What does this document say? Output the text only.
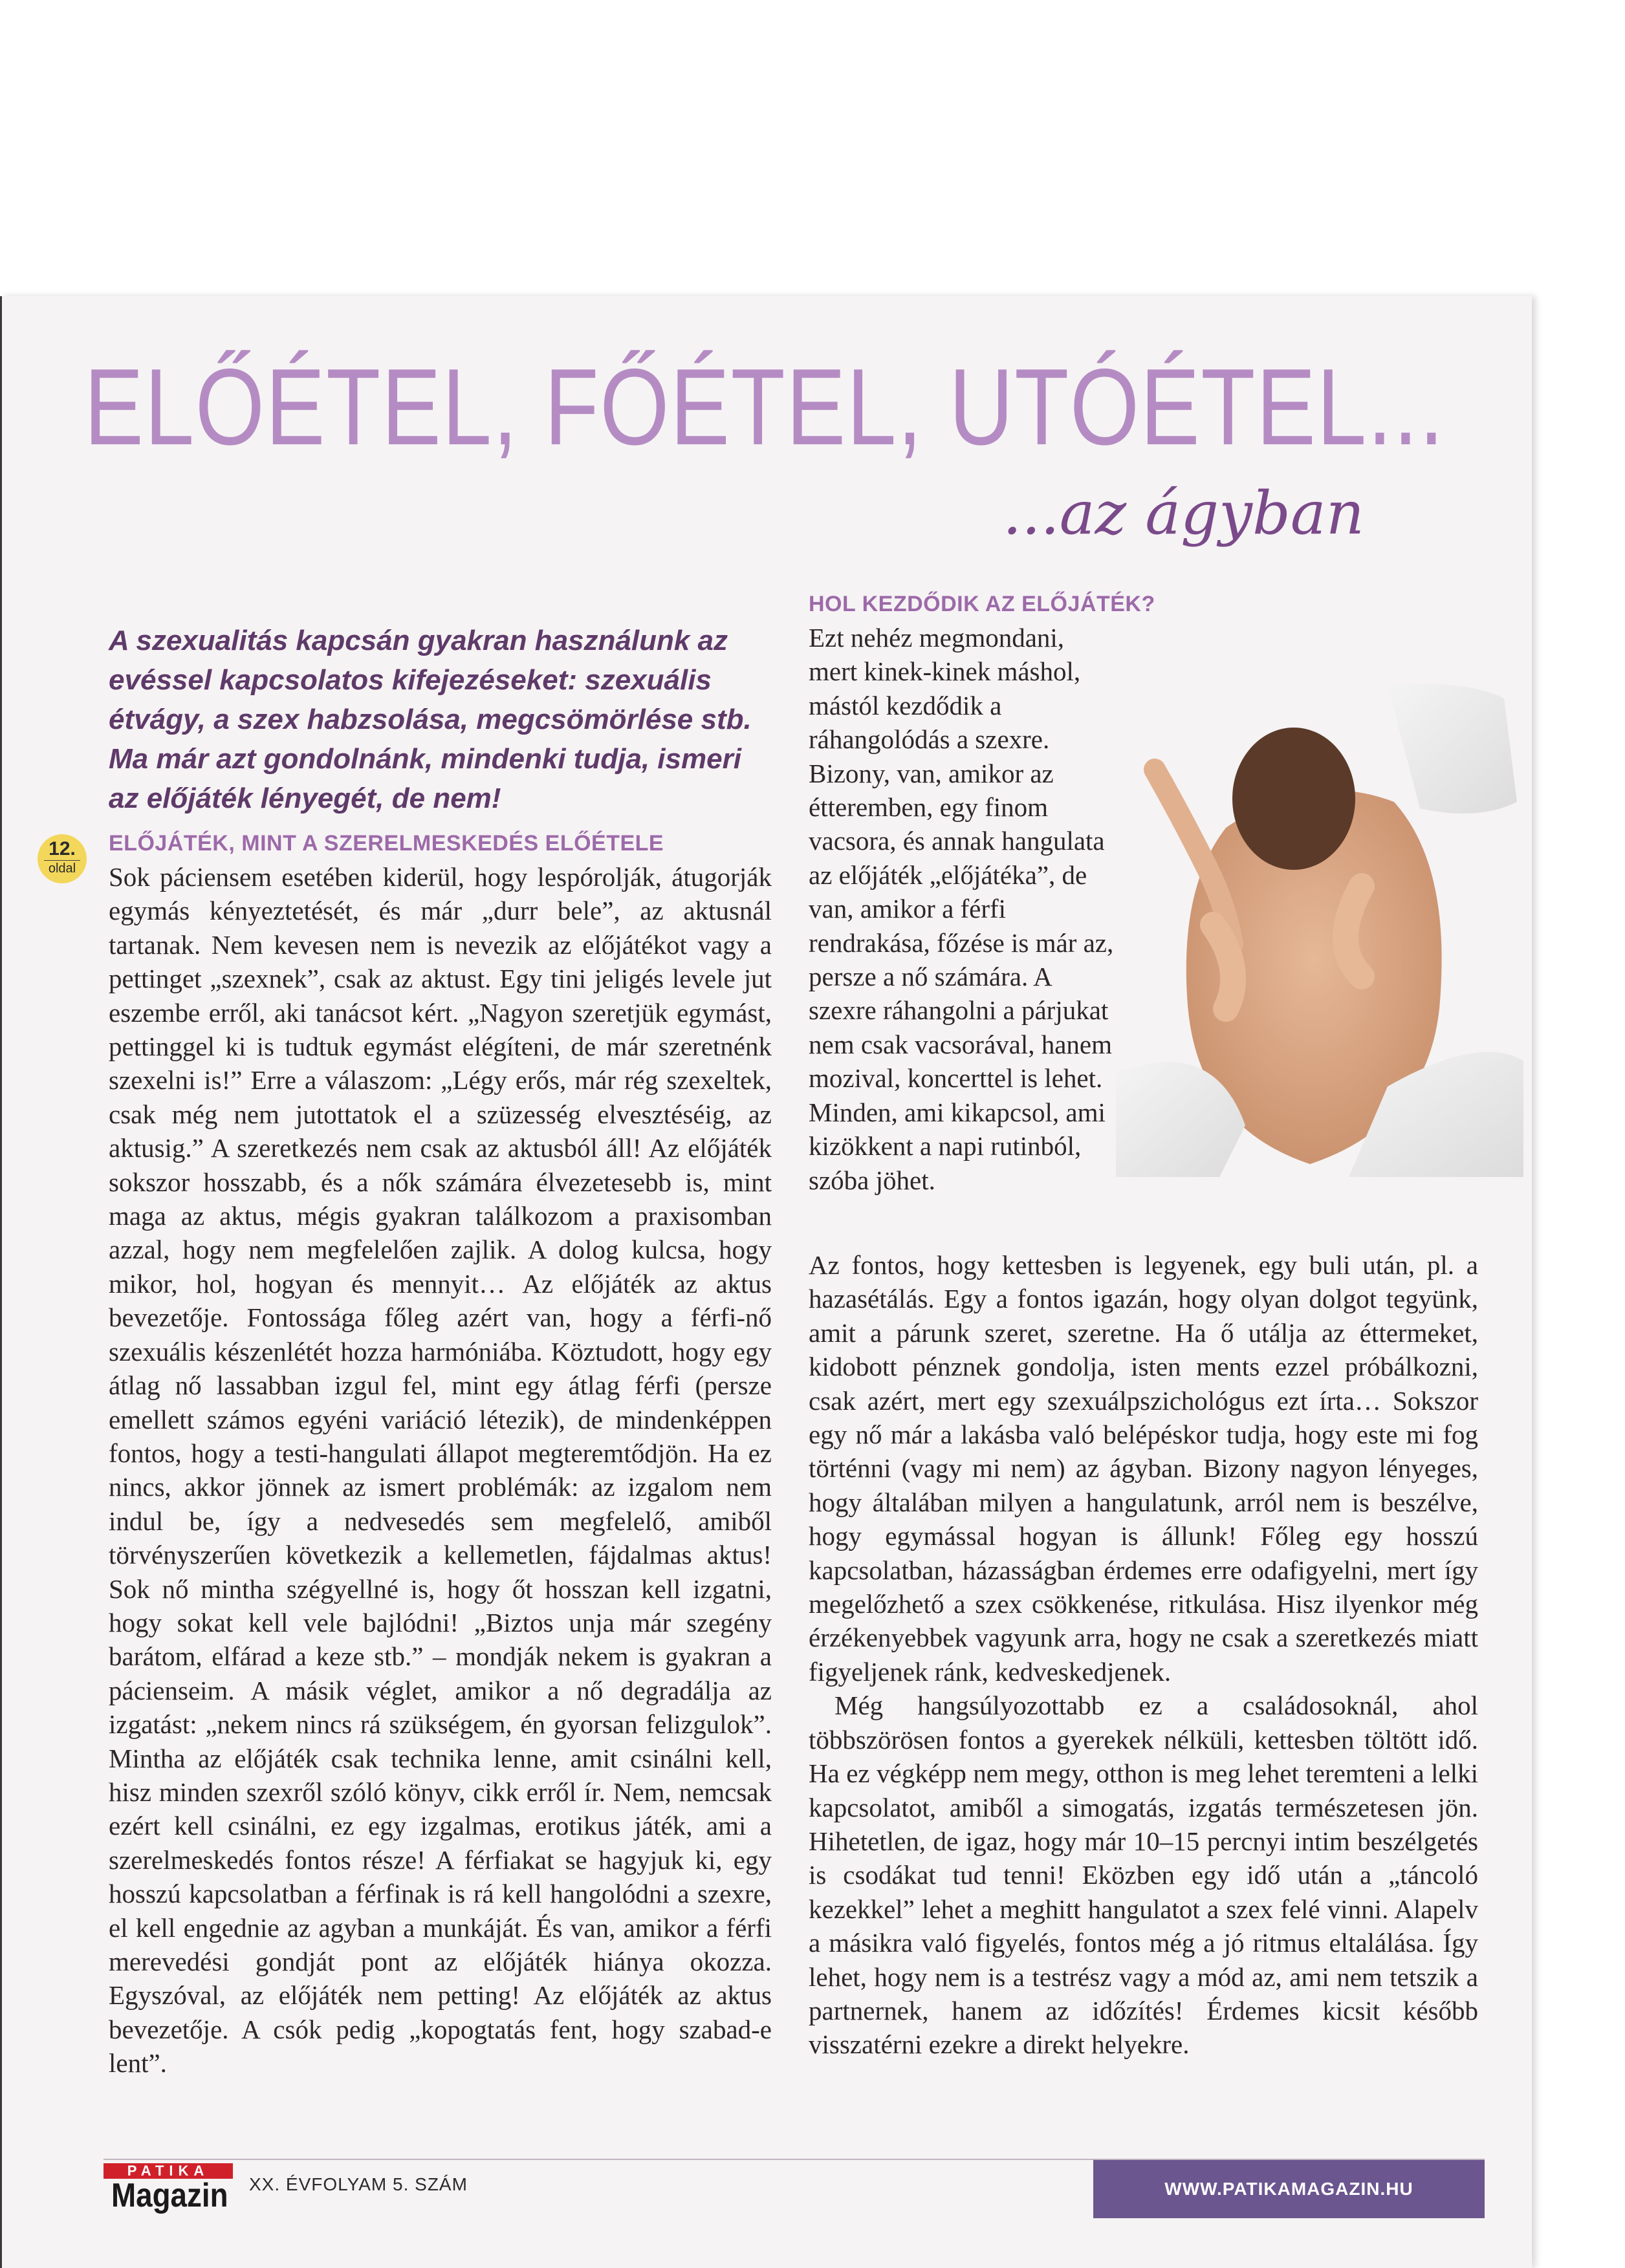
ELŐÉTEL, FŐÉTEL, UTÓÉTEL...
...az ágyban
A szexualitás kapcsán gyakran használunk az evéssel kapcsolatos kifejezéseket: szexuális étvágy, a szex habzsolása, megcsömörlése stb. Ma már azt gondolnánk, mindenki tudja, ismeri az előjáték lényegét, de nem!
12.
oldal
ELŐJÁTÉK, MINT A SZERELMESKEDÉS ELŐÉTELE

Sok páciensem esetében kiderül, hogy lespórolják, átugorják egymás kényeztetését, és már „durr bele”, az aktusnál tartanak. Nem kevesen nem is nevezik az előjátékot vagy a pettinget „szexnek”, csak az aktust. Egy tini jeligés levele jut eszembe erről, aki tanácsot kért. „Nagyon szeretjük egymást, pettinggel ki is tudtuk egymást elégíteni, de már szeretnénk szexelni is!” Erre a válaszom: „Légy erős, már rég szexeltek, csak még nem jutottatok el a szüzesség elvesztéséig, az aktusig.” A szeretkezés nem csak az aktusból áll! Az előjáték sokszor hosszabb, és a nők számára élvezetesebb is, mint maga az aktus, mégis gyakran találkozom a praxisomban azzal, hogy nem megfelelően zajlik. A dolog kulcsa, hogy mikor, hol, hogyan és mennyit… Az előjáték az aktus bevezetője. Fontossága főleg azért van, hogy a férfi-nő szexuális készenlétét hozza harmóniába. Köztudott, hogy egy átlag nő lassabban izgul fel, mint egy átlag férfi (persze emellett számos egyéni variáció létezik), de mindenképpen fontos, hogy a testi-hangulati állapot megteremtődjön. Ha ez nincs, akkor jönnek az ismert problémák: az izgalom nem indul be, így a nedvesedés sem megfelelő, amiből törvényszerűen következik a kellemetlen, fájdalmas aktus! Sok nő mintha szégyellné is, hogy őt hosszan kell izgatni, hogy sokat kell vele bajlódni! „Biztos unja már szegény barátom, elfárad a keze stb.” – mondják nekem is gyakran a pácienseim. A másik véglet, amikor a nő degradálja az izgatást: „nekem nincs rá szükségem, én gyorsan felizgulok”. Mintha az előjáték csak technika lenne, amit csinálni kell, hisz minden szexről szóló könyv, cikk erről ír. Nem, nemcsak ezért kell csinálni, ez egy izgalmas, erotikus játék, ami a szerelmeskedés fontos része! A férfiakat se hagyjuk ki, egy hosszú kapcsolatban a férfinak is rá kell hangolódni a szexre, el kell engednie az agyban a munkáját. És van, amikor a férfi merevedési gondját pont az előjáték hiánya okozza. Egyszóval, az előjáték nem petting! Az előjáték az aktus bevezetője. A csók pedig „kopogtatás fent, hogy szabad-e lent”.

HOL KEZDŐDIK AZ ELŐJÁTÉK?

Ezt nehéz megmondani, mert kinek-kinek máshol, mástól kezdődik a ráhangolódás a szexre. Bizony, van, amikor az étteremben, egy finom vacsora, és annak hangulata az előjáték „előjátéka”, de van, amikor a férfi rendrakása, főzése is már az, persze a nő számára. A szexre ráhangolni a párjukat nem csak vacsorával, hanem mozival, koncerttel is lehet. Minden, ami kikapcsol, ami kizökkent a napi rutinból, szóba jöhet.

Az fontos, hogy kettesben is legyenek, egy buli után, pl. a hazasétálás. Egy a fontos igazán, hogy olyan dolgot tegyünk, amit a párunk szeret, szeretne. Ha ő utálja az éttermeket, kidobott pénznek gondolja, isten ments ezzel próbálkozni, csak azért, mert egy szexuálpszichológus ezt írta… Sokszor egy nő már a lakásba való belépéskor tudja, hogy este mi fog történni (vagy mi nem) az ágyban. Bizony nagyon lényeges, hogy általában milyen a hangulatunk, arról nem is beszélve, hogy egymással hogyan is állunk! Főleg egy hosszú kapcsolatban, házasságban érdemes erre odafigyelni, mert így megelőzhető a szex csökkenése, ritkulása. Hisz ilyenkor még érzékenyebbek vagyunk arra, hogy ne csak a szeretkezés miatt figyeljenek ránk, kedveskedjenek.

Még hangsúlyozottabb ez a családosoknál, ahol többszörösen fontos a gyerekek nélküli, kettesben töltött idő. Ha ez végképp nem megy, otthon is meg lehet teremteni a lelki kapcsolatot, amiből a simogatás, izgatás természetesen jön. Hihetetlen, de igaz, hogy már 10–15 percnyi intim beszélgetés is csodákat tud tenni! Eközben egy idő után a „táncoló kezekkel” lehet a meghitt hangulatot a szex felé vinni. Alapelv a másikra való figyelés, fontos még a jó ritmus eltalálása. Így lehet, hogy nem is a testrész vagy a mód az, ami nem tetszik a partnernek, hanem az időzítés! Érdemes kicsit később visszatérni ezekre a direkt helyekre.

PATIKA
Magazin XX. ÉVFOLYAM 5. SZÁM	WWW.PATIKAMAGAZIN.HU
